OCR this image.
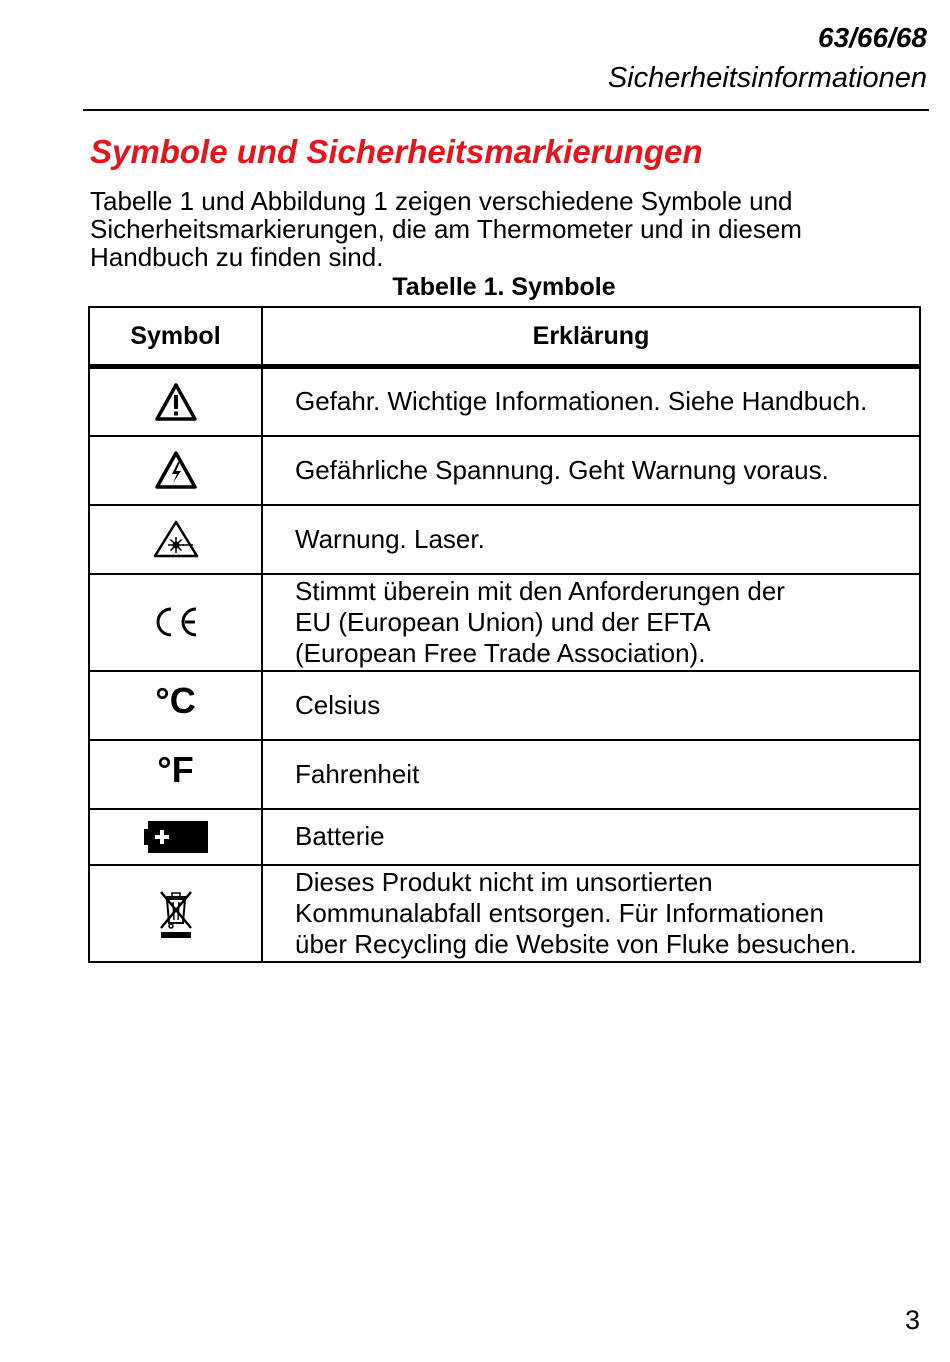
63/66/68
Sicherheitsinformationen
Symbole und Sicherheitsmarkierungen
Tabelle 1 und Abbildung 1 zeigen verschiedene Symbole und
Sicherheitsmarkierungen, die am Thermometer und in diesem
Handbuch zu finden sind.
Tabelle 1. Symbole
Symbol	Erklärung

Gefahr. Wichtige Informationen. Siehe Handbuch.

Gefährliche Spannung. Geht Warnung voraus.

Warnung. Laser.

Stimmt überein mit den Anforderungen der
EU (European Union) und der EFTA
(European Free Trade Association).

°C	Celsius

°F	Fahrenheit

Batterie

Dieses Produkt nicht im unsortierten
Kommunalabfall entsorgen. Für Informationen
über Recycling die Website von Fluke besuchen.
3
